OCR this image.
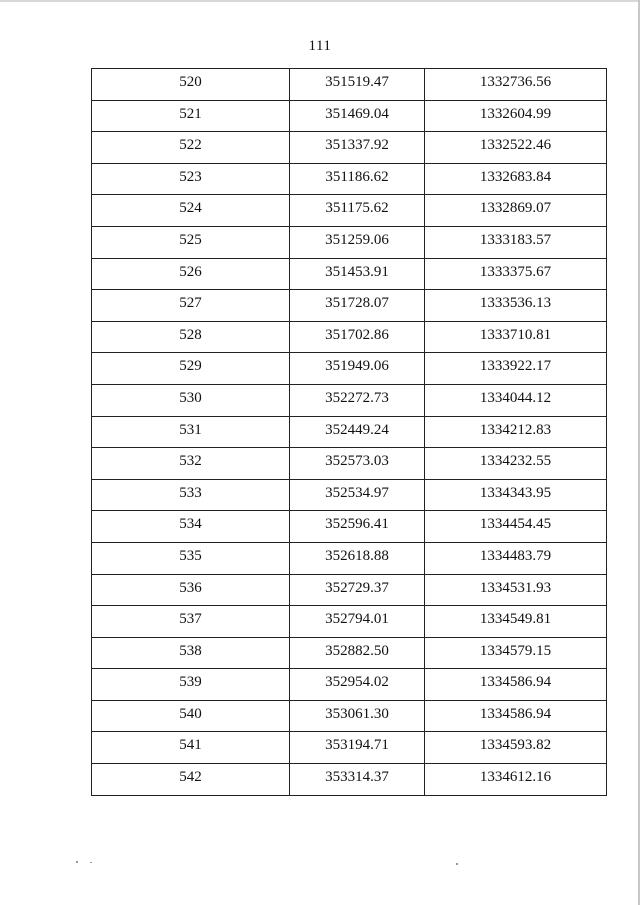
111
520	351519.47	1332736.56
521	351469.04	1332604.99
522	351337.92	1332522.46
523	351186.62	1332683.84
524	351175.62	1332869.07
525	351259.06	1333183.57
526	351453.91	1333375.67
527	351728.07	1333536.13
528	351702.86	1333710.81
529	351949.06	1333922.17
530	352272.73	1334044.12
531	352449.24	1334212.83
532	352573.03	1334232.55
533	352534.97	1334343.95
534	352596.41	1334454.45
535	352618.88	1334483.79
536	352729.37	1334531.93
537	352794.01	1334549.81
538	352882.50	1334579.15
539	352954.02	1334586.94
540	353061.30	1334586.94
541	353194.71	1334593.82
542	353314.37	1334612.16
